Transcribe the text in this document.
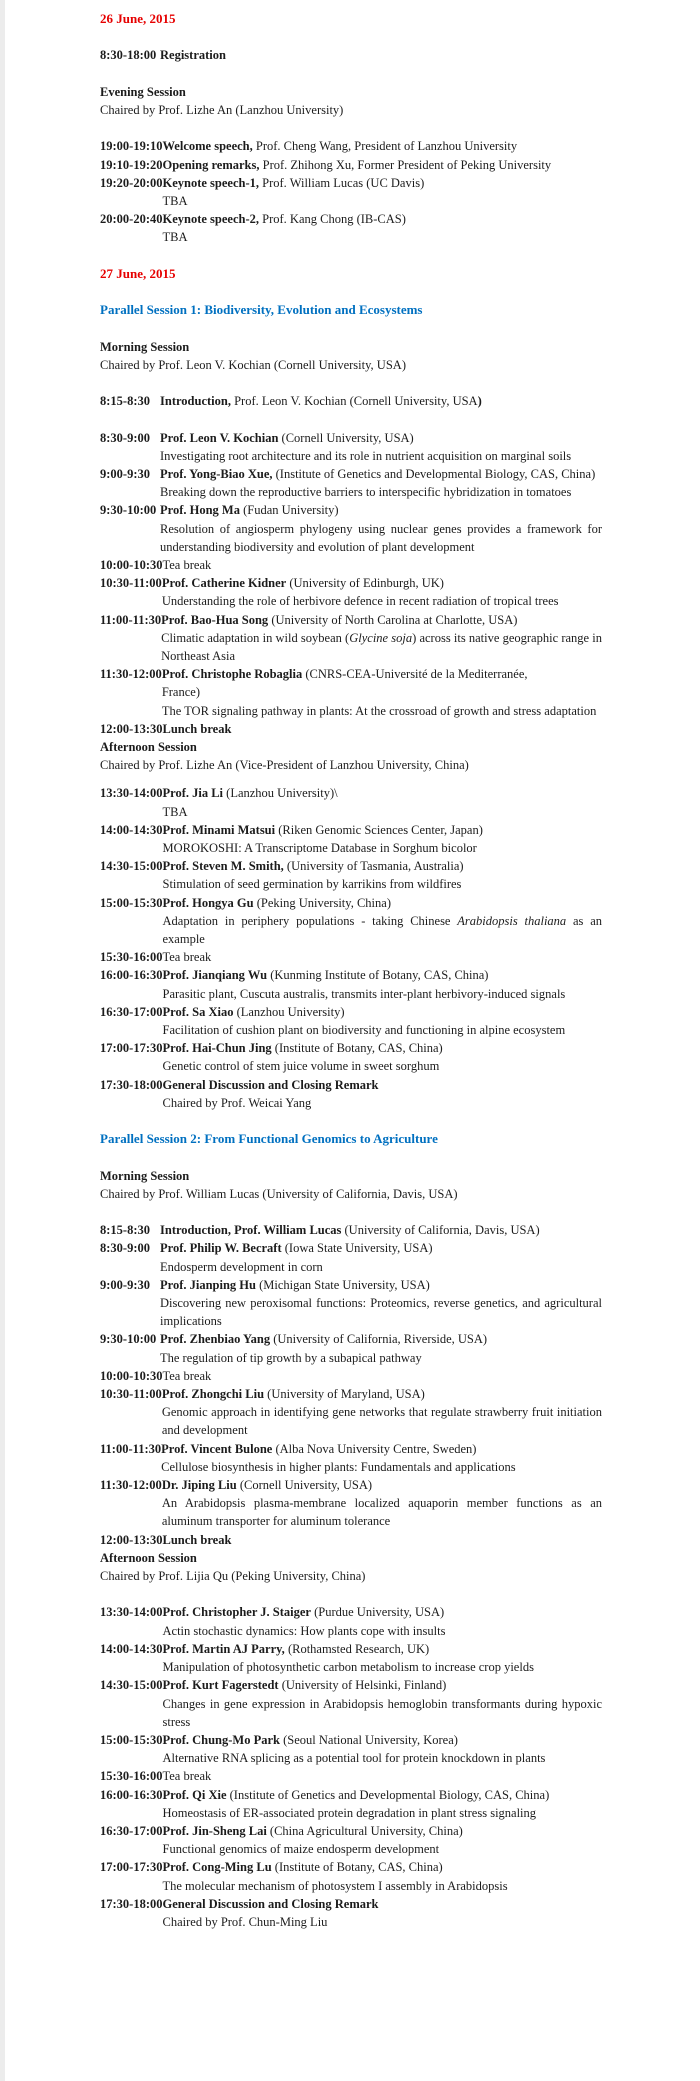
26 June, 2015
8:30-18:00 Registration
Evening Session
Chaired by Prof. Lizhe An (Lanzhou University)
19:00-19:10 Welcome speech, Prof. Cheng Wang, President of Lanzhou University
19:10-19:20 Opening remarks, Prof. Zhihong Xu, Former President of Peking University
19:20-20:00 Keynote speech-1, Prof. William Lucas (UC Davis)
TBA
20:00-20:40 Keynote speech-2, Prof. Kang Chong (IB-CAS)
TBA
27 June, 2015
Parallel Session 1: Biodiversity, Evolution and Ecosystems
Morning Session
Chaired by Prof. Leon V. Kochian (Cornell University, USA)
8:15-8:30 Introduction, Prof. Leon V. Kochian (Cornell University, USA)
8:30-9:00 Prof. Leon V. Kochian (Cornell University, USA)
Investigating root architecture and its role in nutrient acquisition on marginal soils
9:00-9:30 Prof. Yong-Biao Xue, (Institute of Genetics and Developmental Biology, CAS, China)
Breaking down the reproductive barriers to interspecific hybridization in tomatoes
9:30-10:00 Prof. Hong Ma (Fudan University)
Resolution of angiosperm phylogeny using nuclear genes provides a framework for understanding biodiversity and evolution of plant development
10:00-10:30 Tea break
10:30-11:00 Prof. Catherine Kidner (University of Edinburgh, UK)
Understanding the role of herbivore defence in recent radiation of tropical trees
11:00-11:30 Prof. Bao-Hua Song (University of North Carolina at Charlotte, USA)
Climatic adaptation in wild soybean (Glycine soja) across its native geographic range in Northeast Asia
11:30-12:00 Prof. Christophe Robaglia (CNRS-CEA-Université de la Mediterranée,
France)
The TOR signaling pathway in plants: At the crossroad of growth and stress adaptation
12:00-13:30 Lunch break
Afternoon Session
Chaired by Prof. Lizhe An (Vice-President of Lanzhou University, China)
13:30-14:00 Prof. Jia Li (Lanzhou University)\
TBA
14:00-14:30 Prof. Minami Matsui (Riken Genomic Sciences Center, Japan)
MOROKOSHI: A Transcriptome Database in Sorghum bicolor
14:30-15:00 Prof. Steven M. Smith, (University of Tasmania, Australia)
Stimulation of seed germination by karrikins from wildfires
15:00-15:30 Prof. Hongya Gu (Peking University, China)
Adaptation in periphery populations - taking Chinese Arabidopsis thaliana as an example
15:30-16:00 Tea break
16:00-16:30 Prof. Jianqiang Wu (Kunming Institute of Botany, CAS, China)
Parasitic plant, Cuscuta australis, transmits inter-plant herbivory-induced signals
16:30-17:00 Prof. Sa Xiao (Lanzhou University)
Facilitation of cushion plant on biodiversity and functioning in alpine ecosystem
17:00-17:30 Prof. Hai-Chun Jing (Institute of Botany, CAS, China)
Genetic control of stem juice volume in sweet sorghum
17:30-18:00 General Discussion and Closing Remark
Chaired by Prof. Weicai Yang
Parallel Session 2: From Functional Genomics to Agriculture
Morning Session
Chaired by Prof. William Lucas (University of California, Davis, USA)
8:15-8:30 Introduction, Prof. William Lucas (University of California, Davis, USA)
8:30-9:00 Prof. Philip W. Becraft (Iowa State University, USA)
Endosperm development in corn
9:00-9:30 Prof. Jianping Hu (Michigan State University, USA)
Discovering new peroxisomal functions: Proteomics, reverse genetics, and agricultural implications
9:30-10:00 Prof. Zhenbiao Yang (University of California, Riverside, USA)
The regulation of tip growth by a subapical pathway
10:00-10:30 Tea break
10:30-11:00 Prof. Zhongchi Liu (University of Maryland, USA)
Genomic approach in identifying gene networks that regulate strawberry fruit initiation and development
11:00-11:30 Prof. Vincent Bulone (Alba Nova University Centre, Sweden)
Cellulose biosynthesis in higher plants: Fundamentals and applications
11:30-12:00 Dr. Jiping Liu (Cornell University, USA)
An Arabidopsis plasma-membrane localized aquaporin member functions as an aluminum transporter for aluminum tolerance
12:00-13:30 Lunch break
Afternoon Session
Chaired by Prof. Lijia Qu (Peking University, China)
13:30-14:00 Prof. Christopher J. Staiger (Purdue University, USA)
Actin stochastic dynamics: How plants cope with insults
14:00-14:30 Prof. Martin AJ Parry, (Rothamsted Research, UK)
Manipulation of photosynthetic carbon metabolism to increase crop yields
14:30-15:00 Prof. Kurt Fagerstedt (University of Helsinki, Finland)
Changes in gene expression in Arabidopsis hemoglobin transformants during hypoxic stress
15:00-15:30 Prof. Chung-Mo Park (Seoul National University, Korea)
Alternative RNA splicing as a potential tool for protein knockdown in plants
15:30-16:00 Tea break
16:00-16:30 Prof. Qi Xie (Institute of Genetics and Developmental Biology, CAS, China)
Homeostasis of ER-associated protein degradation in plant stress signaling
16:30-17:00 Prof. Jin-Sheng Lai (China Agricultural University, China)
Functional genomics of maize endosperm development
17:00-17:30 Prof. Cong-Ming Lu (Institute of Botany, CAS, China)
The molecular mechanism of photosystem I assembly in Arabidopsis
17:30-18:00 General Discussion and Closing Remark
Chaired by Prof. Chun-Ming Liu
